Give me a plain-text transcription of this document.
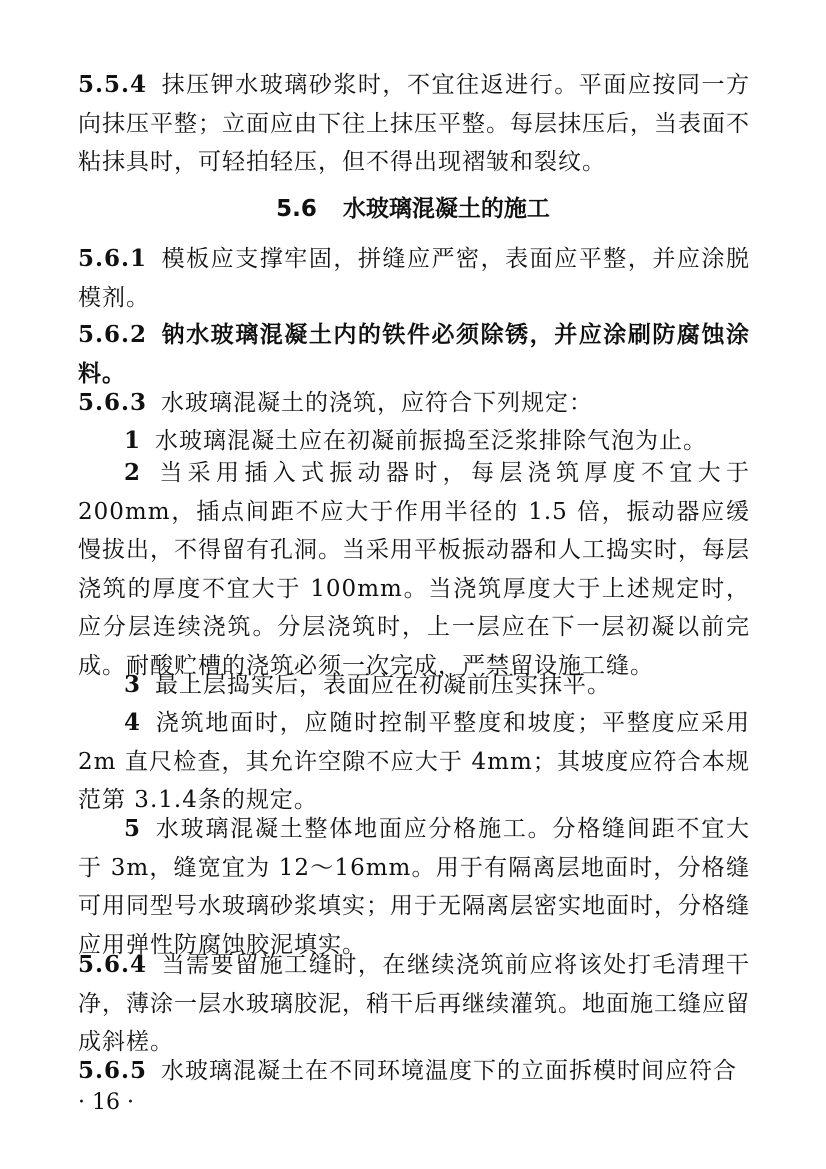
5.5.4 抹压钾水玻璃砂浆时，不宜往返进行。平面应按同一方向抹压平整；立面应由下往上抹压平整。每层抹压后，当表面不粘抹具时，可轻拍轻压，但不得出现褶皱和裂纹。
5.6 水玻璃混凝土的施工
5.6.1 模板应支撑牢固，拼缝应严密，表面应平整，并应涂脱模剂。
5.6.2 钠水玻璃混凝土内的铁件必须除锈，并应涂刷防腐蚀涂料。
5.6.3 水玻璃混凝土的浇筑，应符合下列规定：
1 水玻璃混凝土应在初凝前振捣至泛浆排除气泡为止。
2 当采用插入式振动器时，每层浇筑厚度不宜大于 200mm，插点间距不应大于作用半径的 1.5 倍，振动器应缓慢拔出，不得留有孔洞。当采用平板振动器和人工捣实时，每层浇筑的厚度不宜大于 100mm。当浇筑厚度大于上述规定时，应分层连续浇筑。分层浇筑时，上一层应在下一层初凝以前完成。耐酸贮槽的浇筑必须一次完成，严禁留设施工缝。
3 最上层捣实后，表面应在初凝前压实抹平。
4 浇筑地面时，应随时控制平整度和坡度；平整度应采用 2m 直尺检查，其允许空隙不应大于 4mm；其坡度应符合本规范第 3.1.4条的规定。
5 水玻璃混凝土整体地面应分格施工。分格缝间距不宜大于 3m，缝宽宜为 12～16mm。用于有隔离层地面时，分格缝可用同型号水玻璃砂浆填实；用于无隔离层密实地面时，分格缝应用弹性防腐蚀胶泥填实。
5.6.4 当需要留施工缝时，在继续浇筑前应将该处打毛清理干净，薄涂一层水玻璃胶泥，稍干后再继续灌筑。地面施工缝应留成斜槎。
5.6.5 水玻璃混凝土在不同环境温度下的立面拆模时间应符合
· 16 ·
